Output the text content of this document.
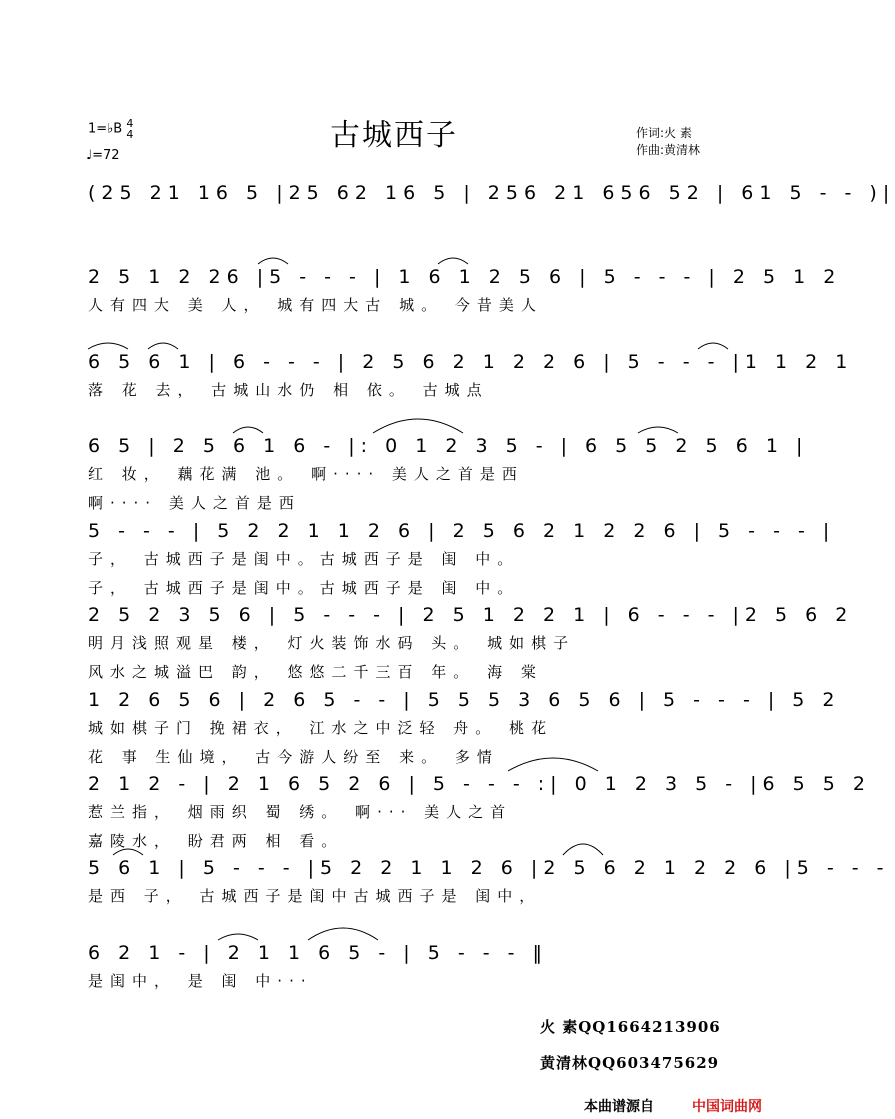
1=♭B 4
4
♩=72
古城西子	作词:火 素
作曲:黄清林
(25 21 16 5 |25 62 16 5 | 256 21 656 52 | 61 5 - - )|
2 5 1 2 26 |5 - - - | 1 6 1 2 5 6 | 5 - - - | 2 5 1 2
人有四大 美 人， 城有四大古 城。 今昔美人
6 5 6 1 | 6 - - - | 2 5 6 2 1 2 2 6 | 5 - - - |1 1 2 1
落 花 去， 古城山水仍 相 依。 古城点
6 5 | 2 5 6 1 6 - |: 0 1 2 3 5 - | 6 5 5 2 5 6 1 |
红 妆， 藕花满 池。 啊···· 美人之首是西
啊···· 美人之首是西
5 - - - | 5 2 2 1 1 2 6 | 2 5 6 2 1 2 2 6 | 5 - - - |
子， 古城西子是闺中。古城西子是 闺 中。
子， 古城西子是闺中。古城西子是 闺 中。
2 5 2 3 5 6 | 5 - - - | 2 5 1 2 2 1 | 6 - - - |2 5 6 2
明月浅照观星 楼， 灯火装饰水码 头。 城如棋子
风水之城溢巴 韵， 悠悠二千三百 年。 海 棠
1 2 6 5 6 | 2 6 5 - - | 5 5 5 3 6 5 6 | 5 - - - | 5 2
城如棋子门 挽裙衣， 江水之中泛轻 舟。 桃花
花 事 生仙境， 古今游人纷至 来。 多情
2 1 2 - | 2 1 6 5 2 6 | 5 - - - :| 0 1 2 3 5 - |6 5 5 2
惹兰指， 烟雨织 蜀 绣。 啊··· 美人之首
嘉陵水， 盼君两 相 看。
5 6 1 | 5 - - - |5 2 2 1 1 2 6 |2 5 6 2 1 2 2 6 |5 - - -
是西 子， 古城西子是闺中古城西子是 闺中，
6 2 1 - | 2 1 1 6 5 - | 5 - - - ‖
是闺中， 是 闺 中···
火 素QQ1664213906
黄清林QQ603475629
本曲谱源自	中国词曲网
